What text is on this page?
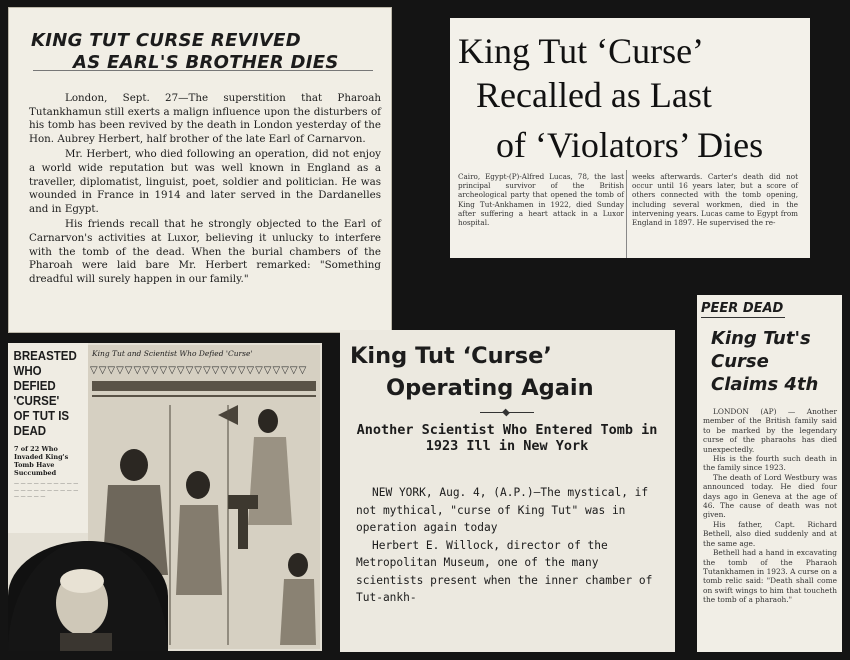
KING TUT CURSE REVIVED
AS EARL'S BROTHER DIES

London, Sept. 27—The superstition that Pharoah Tutankhamun still exerts a malign influence upon the disturbers of his tomb has been revived by the death in London yesterday of the Hon. Aubrey Herbert, half brother of the late Earl of Carnarvon.

Mr. Herbert, who died following an operation, did not enjoy a world wide reputation but was well known in England as a traveller, diplomatist, linguist, poet, soldier and politician. He was wounded in France in 1914 and later served in the Dardanelles and in Egypt.

His friends recall that he strongly objected to the Earl of Carnarvon's activities at Luxor, believing it unlucky to interfere with the tomb of the dead. When the burial chambers of the Pharoah were laid bare Mr. Herbert remarked: "Something dreadful will surely happen in our family."

King Tut ‘Curse’
Recalled as Last
of ‘Violators’ Dies
Cairo, Egypt-(P)-Alfred Lucas, 78, the last principal survivor of the British archeological party that opened the tomb of King Tut-Ankhamen in 1922, died Sunday after suffering a heart attack in a Luxor hospital.
weeks afterwards. Carter's death did not occur until 16 years later, but a score of others connected with the tomb opening, including several workmen, died in the intervening years. Lucas came to Egypt from England in 1897. He supervised the re-
BREASTED WHO DEFIED 'CURSE' OF TUT IS DEAD
7 of 22 Who Invaded King's Tomb Have Succumbed
— — — — — — — — — — — — — — — — — — — — — — — — —
King Tut and Scientist Who Defied 'Curse'
▽▽▽▽▽▽▽▽▽▽▽▽▽▽▽▽▽▽▽▽▽▽▽▽▽
King Tut ‘Curse’
Operating Again
Another Scientist Who Entered Tomb in 1923 Ill in New York

NEW YORK, Aug. 4, (A.P.)—The mystical, if not mythical, "curse of King Tut" was in operation again today

Herbert E. Willock, director of the Metropolitan Museum, one of the many scientists present when the inner chamber of Tut-ankh-

PEER DEAD
King Tut's
Curse
Claims 4th

LONDON (AP) — Another member of the British family said to be marked by the legendary curse of the pharaohs has died unexpectedly.

His is the fourth such death in the family since 1923.

The death of Lord Westbury was announced today. He died four days ago in Geneva at the age of 46. The cause of death was not given.

His father, Capt. Richard Bethell, also died suddenly and at the same age.

Bethell had a hand in excavating the tomb of the Pharaoh Tutankhamen in 1923. A curse on a tomb relic said: "Death shall come on swift wings to him that toucheth the tomb of a pharaoh."
